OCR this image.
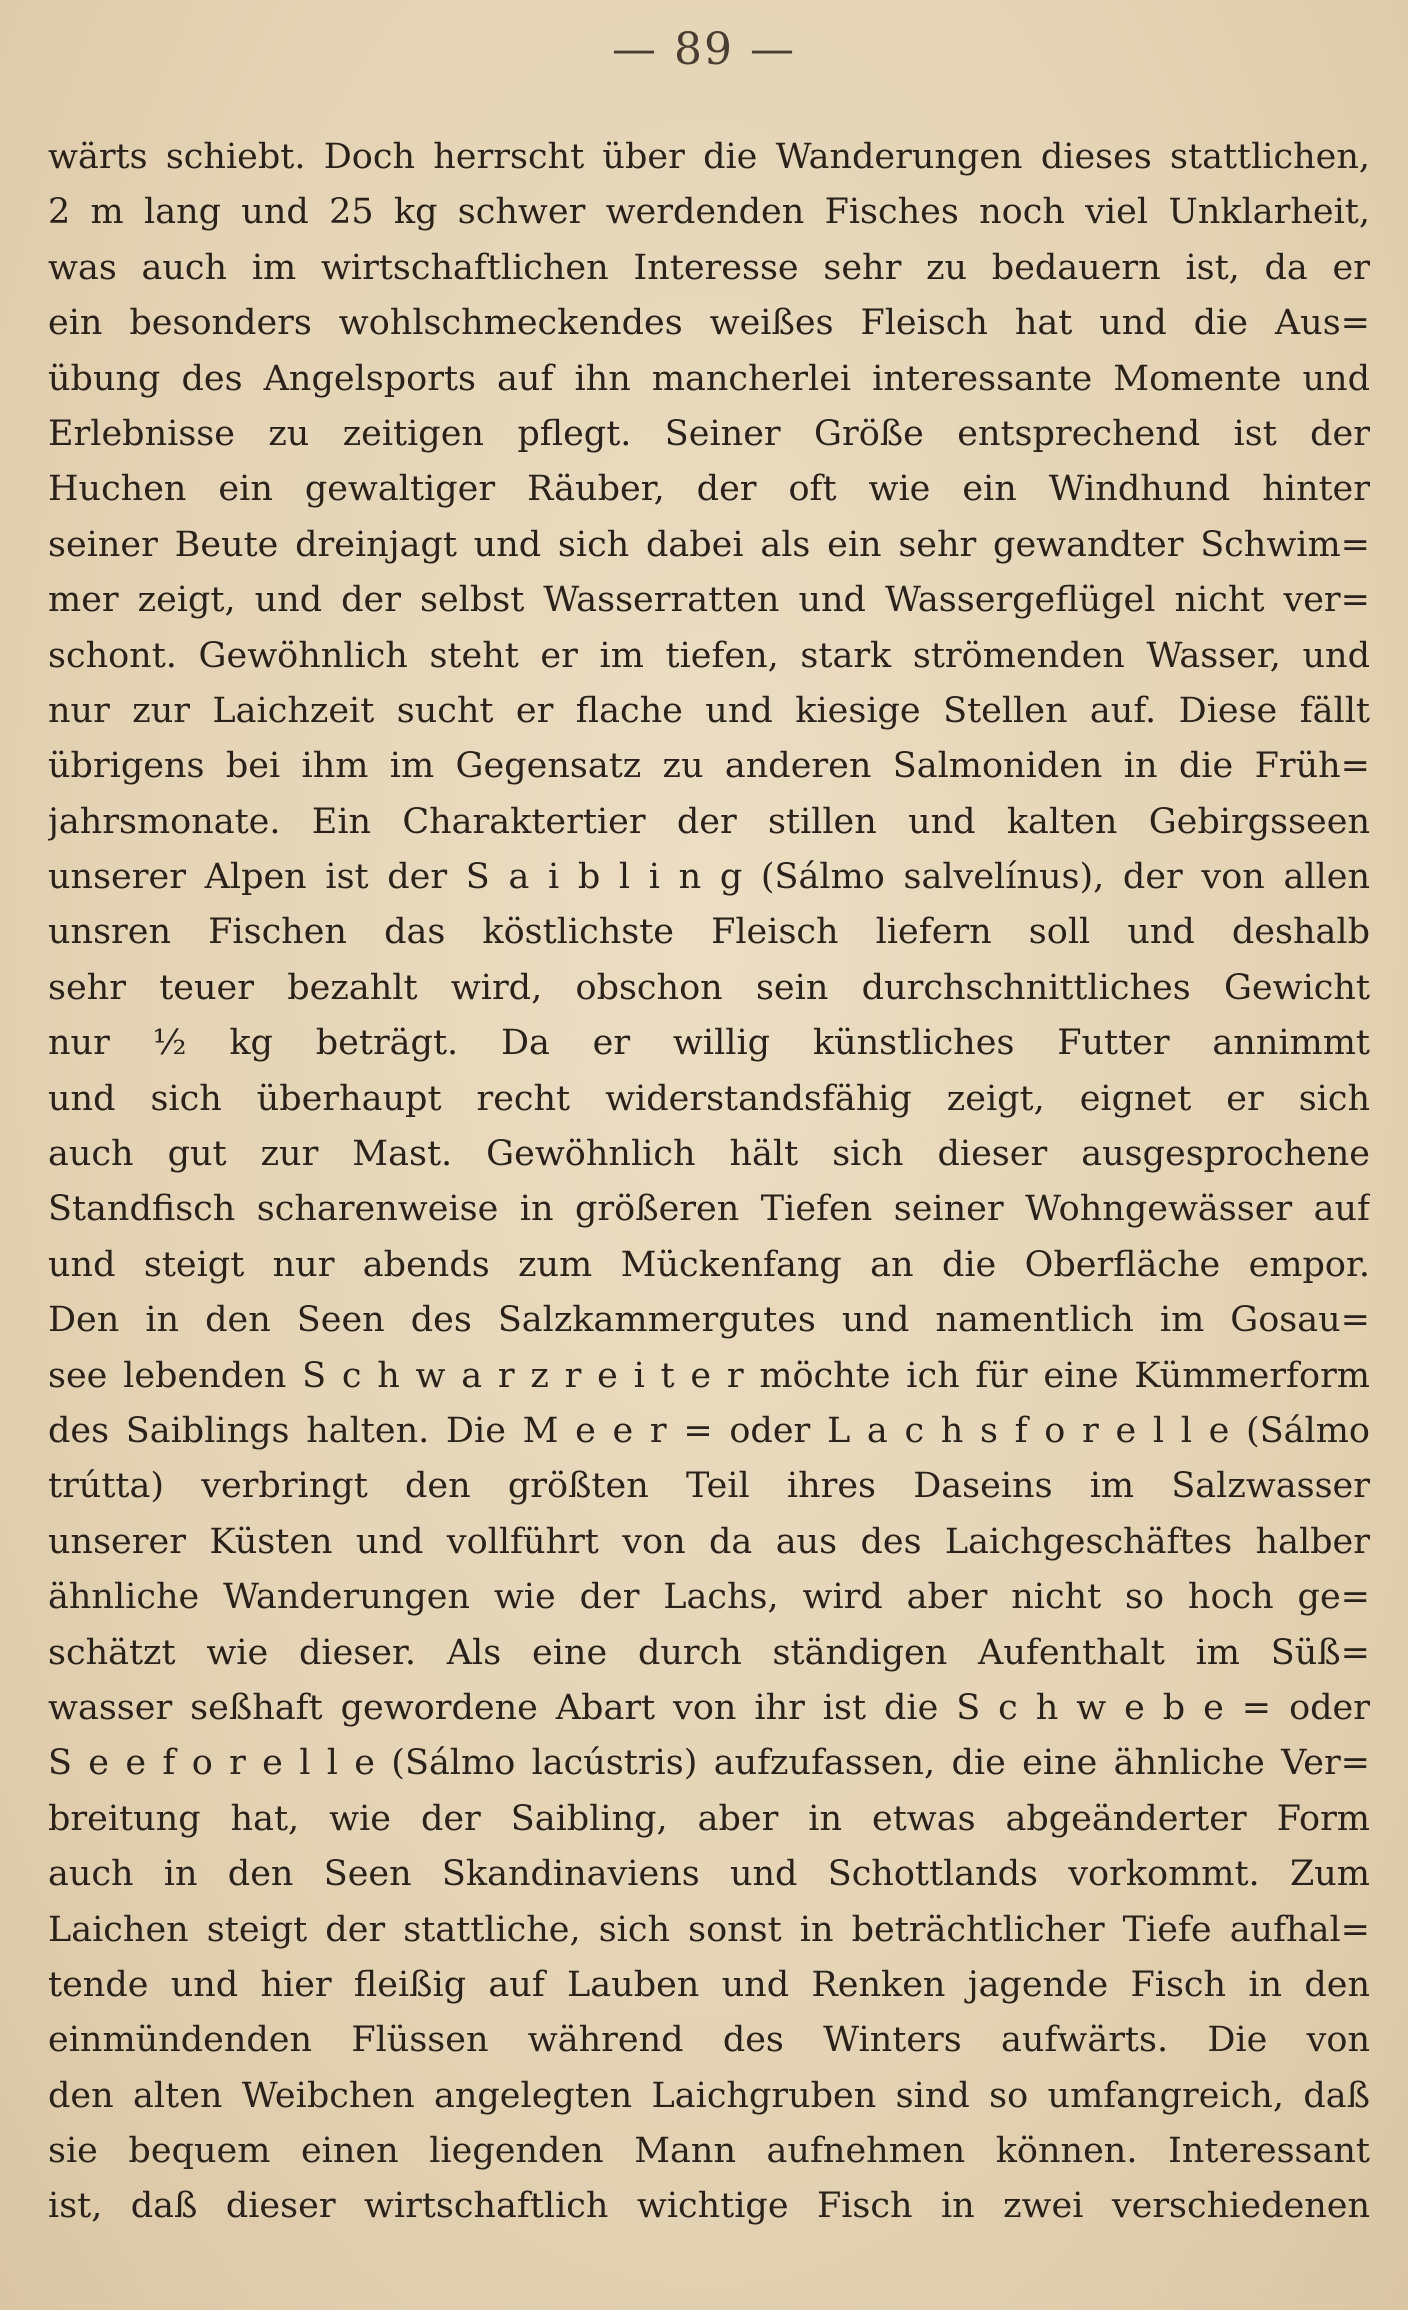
— 89 —
wärts schiebt. Doch herrscht über die Wanderungen dieses stattlichen,
2 m lang und 25 kg schwer werdenden Fisches noch viel Unklarheit,
was auch im wirtschaftlichen Interesse sehr zu bedauern ist, da er
ein besonders wohlschmeckendes weißes Fleisch hat und die Aus=
übung des Angelsports auf ihn mancherlei interessante Momente und
Erlebnisse zu zeitigen pflegt. Seiner Größe entsprechend ist der
Huchen ein gewaltiger Räuber, der oft wie ein Windhund hinter
seiner Beute dreinjagt und sich dabei als ein sehr gewandter Schwim=
mer zeigt, und der selbst Wasserratten und Wassergeflügel nicht ver=
schont. Gewöhnlich steht er im tiefen, stark strömenden Wasser, und
nur zur Laichzeit sucht er flache und kiesige Stellen auf. Diese fällt
übrigens bei ihm im Gegensatz zu anderen Salmoniden in die Früh=
jahrsmonate. Ein Charaktertier der stillen und kalten Gebirgsseen
unserer Alpen ist der S a i b l i n g (Sálmo salvelínus), der von allen
unsren Fischen das köstlichste Fleisch liefern soll und deshalb
sehr teuer bezahlt wird, obschon sein durchschnittliches Gewicht
nur ½ kg beträgt. Da er willig künstliches Futter annimmt
und sich überhaupt recht widerstandsfähig zeigt, eignet er sich
auch gut zur Mast. Gewöhnlich hält sich dieser ausgesprochene
Standfisch scharenweise in größeren Tiefen seiner Wohngewässer auf
und steigt nur abends zum Mückenfang an die Oberfläche empor.
Den in den Seen des Salzkammergutes und namentlich im Gosau=
see lebenden S c h w a r z r e i t e r möchte ich für eine Kümmerform
des Saiblings halten. Die M e e r = oder L a c h s f o r e l l e (Sálmo
trútta) verbringt den größten Teil ihres Daseins im Salzwasser
unserer Küsten und vollführt von da aus des Laichgeschäftes halber
ähnliche Wanderungen wie der Lachs, wird aber nicht so hoch ge=
schätzt wie dieser. Als eine durch ständigen Aufenthalt im Süß=
wasser seßhaft gewordene Abart von ihr ist die S c h w e b e = oder
S e e f o r e l l e (Sálmo lacústris) aufzufassen, die eine ähnliche Ver=
breitung hat, wie der Saibling, aber in etwas abgeänderter Form
auch in den Seen Skandinaviens und Schottlands vorkommt. Zum
Laichen steigt der stattliche, sich sonst in beträchtlicher Tiefe aufhal=
tende und hier fleißig auf Lauben und Renken jagende Fisch in den
einmündenden Flüssen während des Winters aufwärts. Die von
den alten Weibchen angelegten Laichgruben sind so umfangreich, daß
sie bequem einen liegenden Mann aufnehmen können. Interessant
ist, daß dieser wirtschaftlich wichtige Fisch in zwei verschiedenen
